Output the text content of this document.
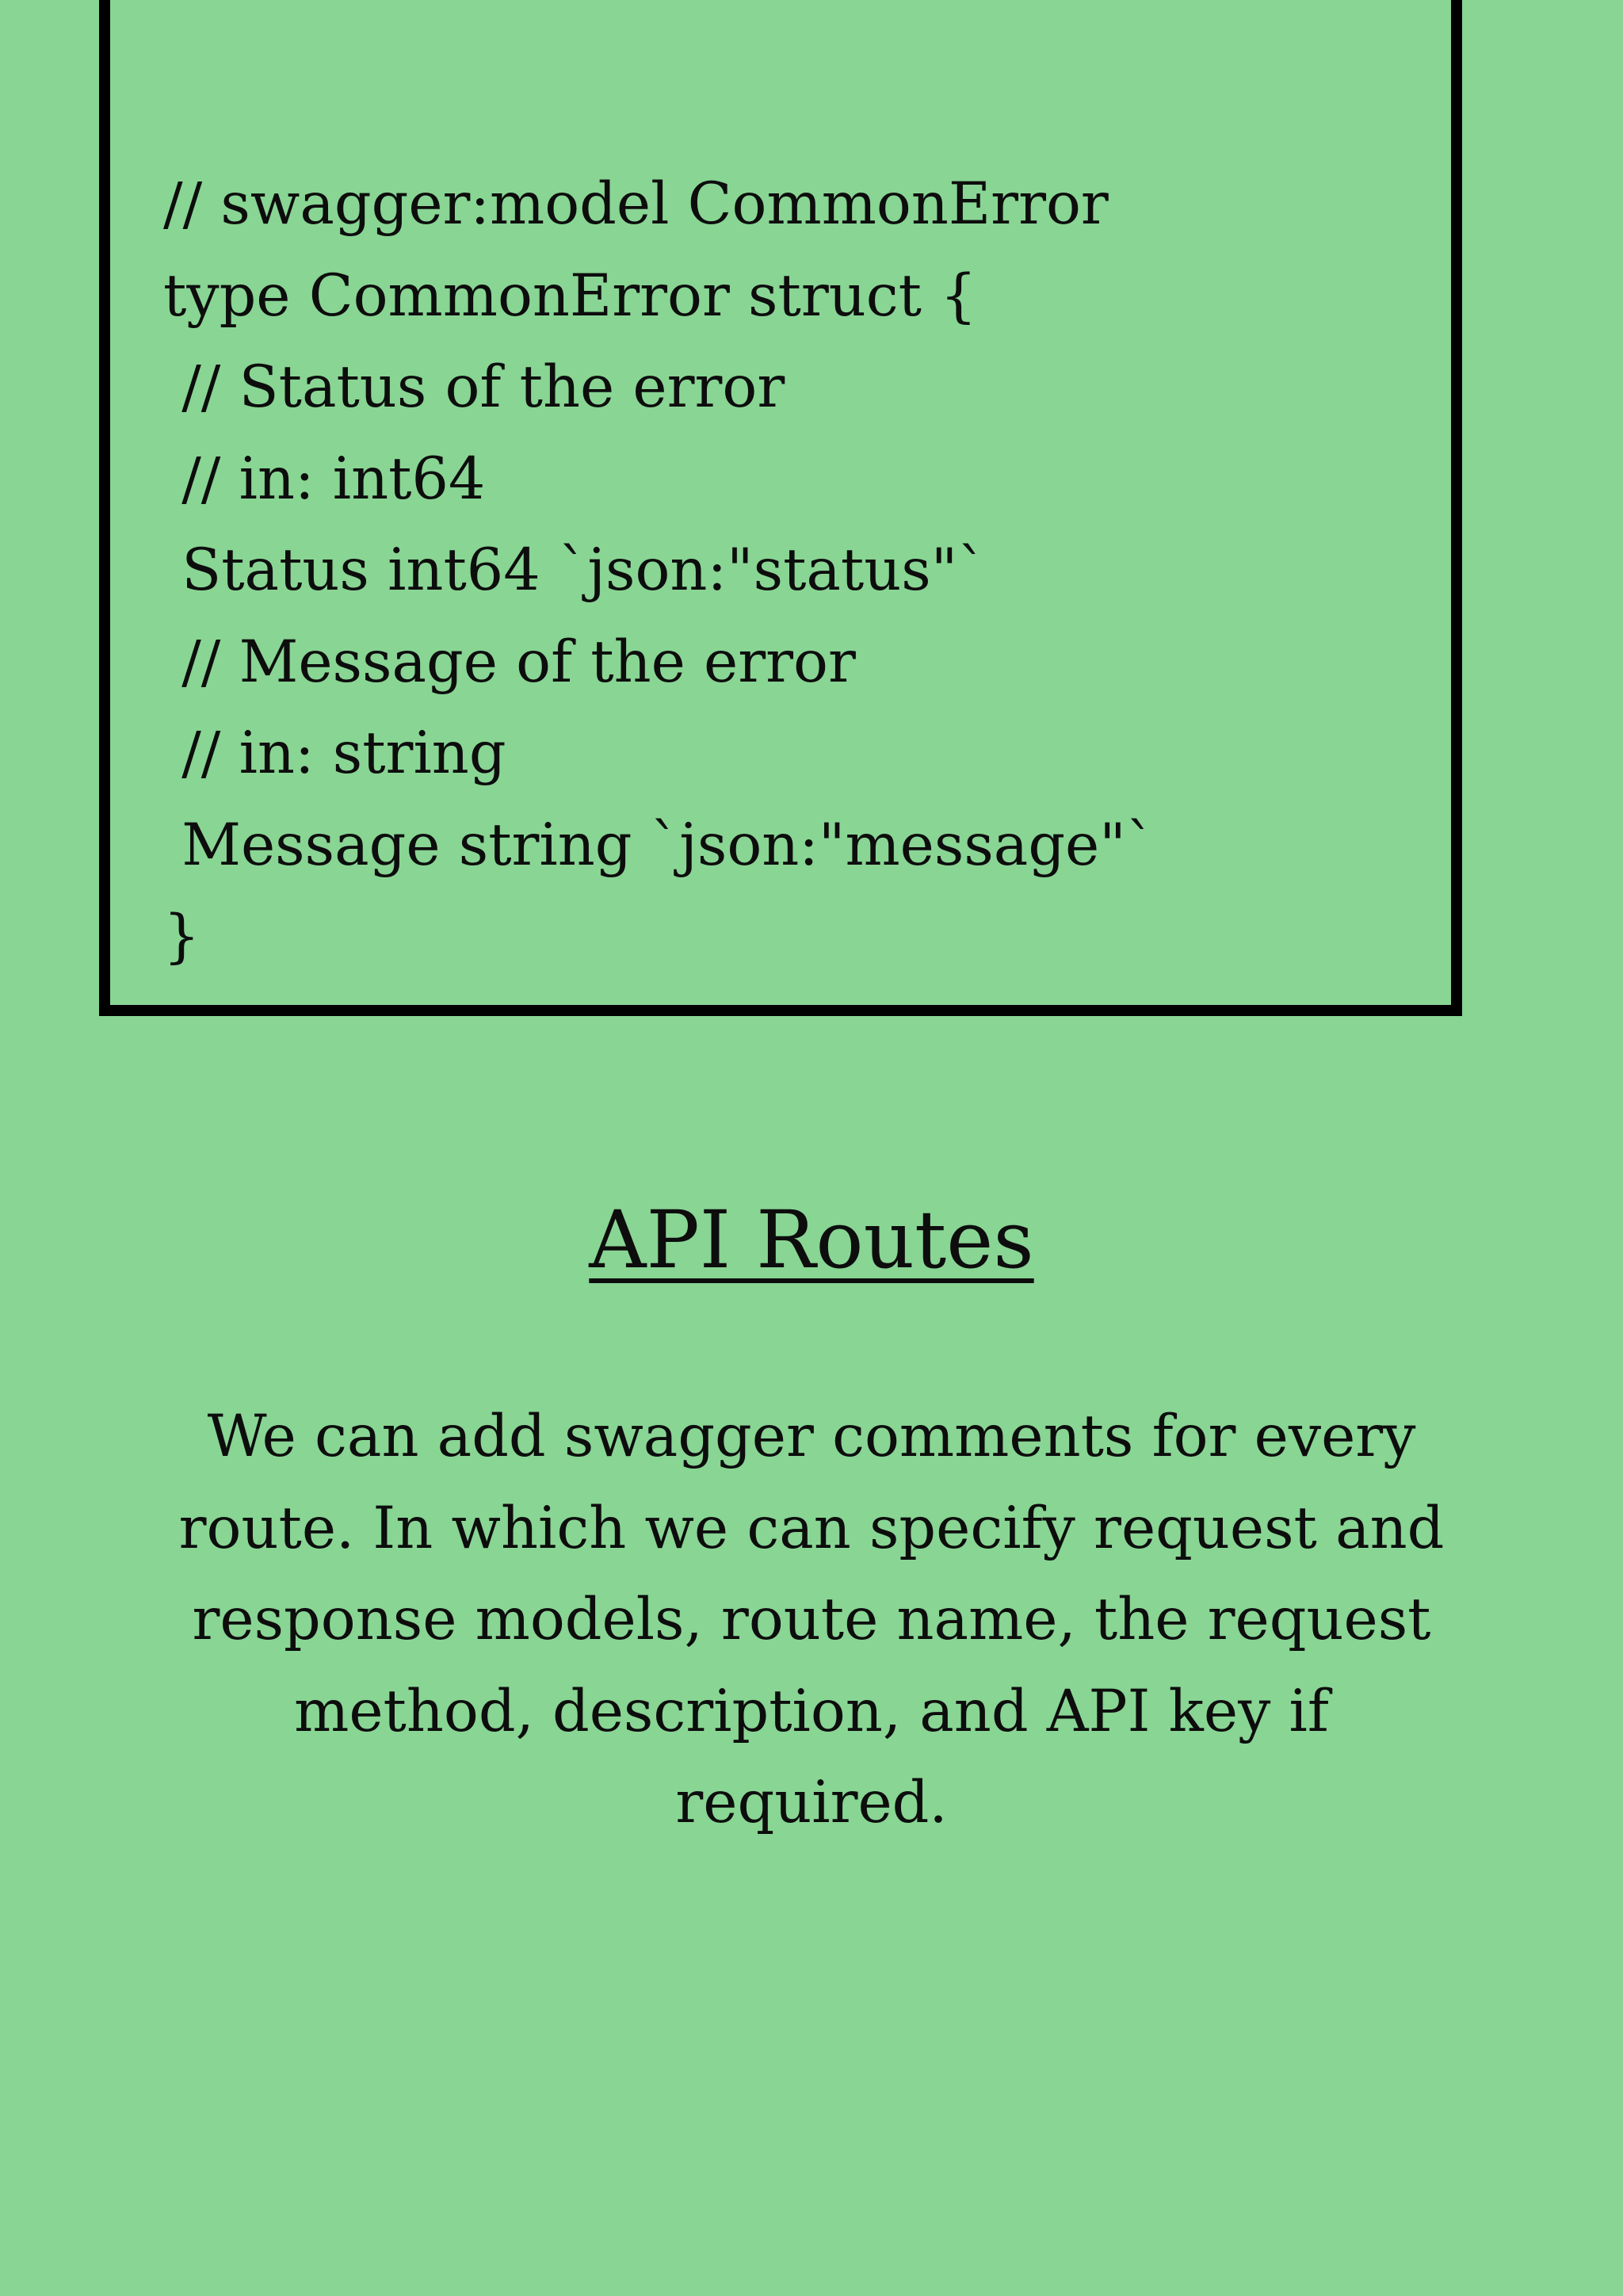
// swagger:model CommonError
type CommonError struct {
// Status of the error
// in: int64
Status int64 `json:"status"`
// Message of the error
// in: string
Message string `json:"message"`
}
API Routes

We can add swagger comments for every
route. In which we can specify request and
response models, route name, the request
method, description, and API key if
required.
